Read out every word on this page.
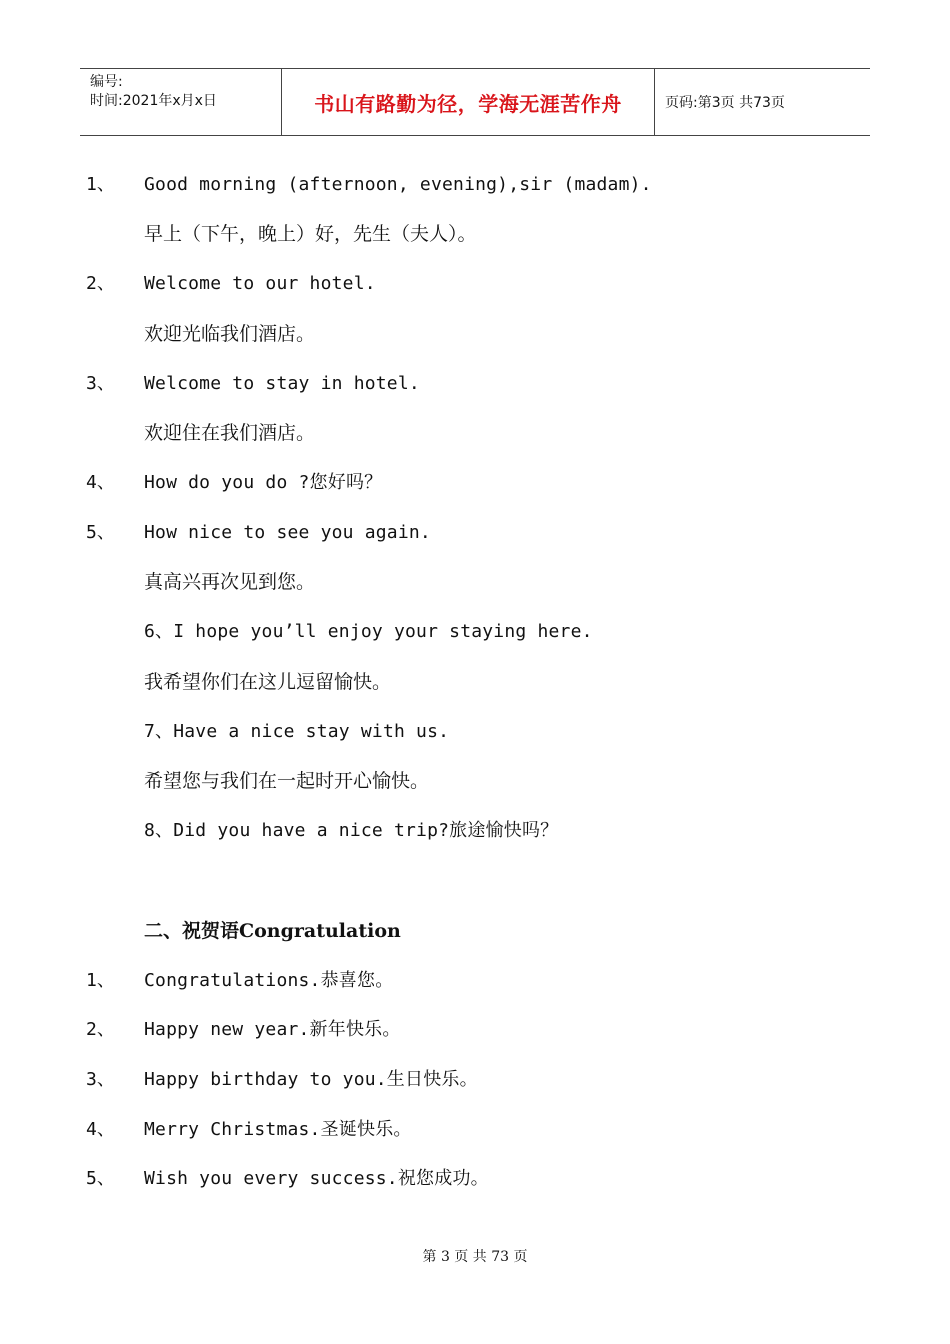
编号:
时间:2021年x月x日	书山有路勤为径，学海无涯苦作舟	页码:第3页 共73页
1、 Good morning (afternoon, evening),sir (madam).
早上（下午，晚上）好，先生（夫人）。
2、 Welcome to our hotel.
欢迎光临我们酒店。
3、 Welcome to stay in hotel.
欢迎住在我们酒店。
4、 How do you do ?您好吗？
5、 How nice to see you again.
真高兴再次见到您。
6、I hope you’ll enjoy your staying here.
我希望你们在这儿逗留愉快。
7、Have a nice stay with us.
希望您与我们在一起时开心愉快。
8、Did you have a nice trip?旅途愉快吗？
二、祝贺语Congratulation
1、 Congratulations.恭喜您。
2、 Happy new year.新年快乐。
3、 Happy birthday to you.生日快乐。
4、 Merry Christmas.圣诞快乐。
5、 Wish you every success.祝您成功。
第 3 页 共 73 页
